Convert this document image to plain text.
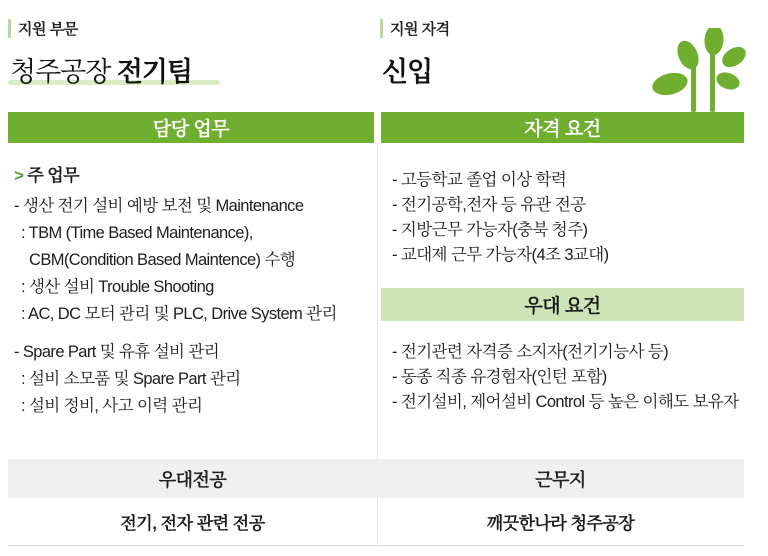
지원 부문
청주공장 전기팀
지원 자격
신입
담당 업무	자격 요건
> 주 업무
- 생산 전기 설비 예방 보전 및 Maintenance
: TBM (Time Based Maintenance),
CBM(Condition Based Maintence) 수행
: 생산 설비 Trouble Shooting
: AC, DC 모터 관리 및 PLC, Drive System 관리
- Spare Part 및 유휴 설비 관리
: 설비 소모품 및 Spare Part 관리
: 설비 정비, 사고 이력 관리
- 고등학교 졸업 이상 학력
- 전기공학,전자 등 유관 전공
- 지방근무 가능자(충북 청주)
- 교대제 근무 가능자(4조 3교대)
우대 요건
- 전기관련 자격증 소지자(전기기능사 등)
- 동종 직종 유경험자(인턴 포함)
- 전기설비, 제어설비 Control 등 높은 이해도 보유자
우대전공	근무지
전기, 전자 관련 전공	깨끗한나라 청주공장
